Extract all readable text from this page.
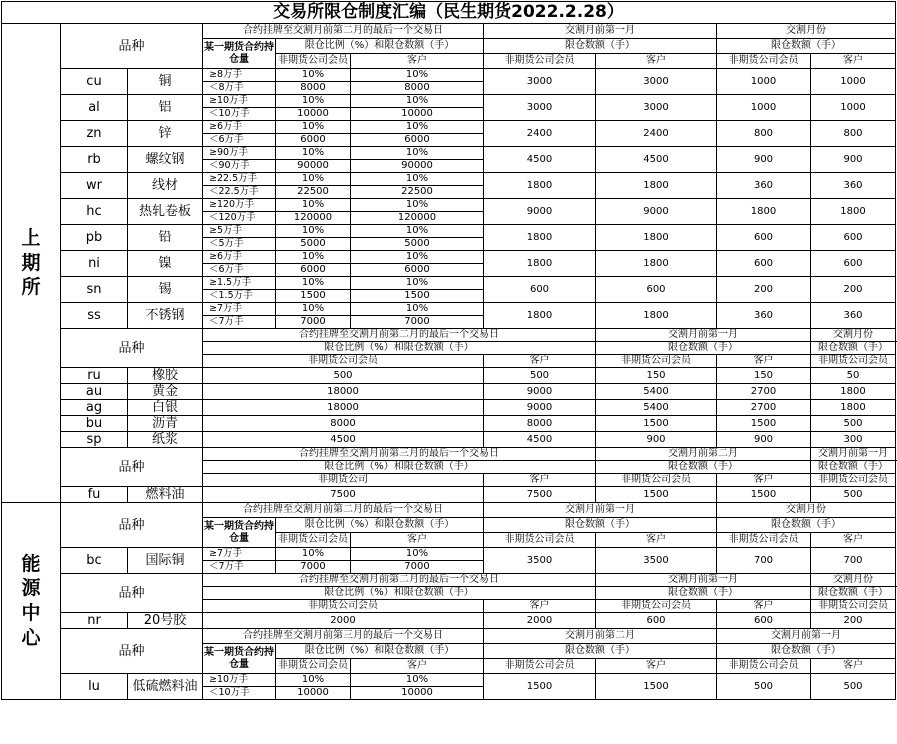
交易所限仓制度汇编（民生期货2022.2.28）										
上
期
所	品种		合约挂牌至交割月前第二月的最后一个交易日			交割月前第一月		交割月份		
			某一期货合约持仓量	限仓比例（%）和限仓数额（手）		限仓数额（手）		限仓数额（手）		
				非期货公司会员	客户	非期货公司会员	客户	非期货公司会员	客户	
	cu	铜	≥8万手	10%	10%	3000	3000	1000	1000	
			＜8万手	8000	8000					
	al	铝	≥10万手	10%	10%	3000	3000	1000	1000	
			＜10万手	10000	10000					
	zn	锌	≥6万手	10%	10%	2400	2400	800	800	
			＜6万手	6000	6000					
	rb	螺纹钢	≥90万手	10%	10%	4500	4500	900	900	
			＜90万手	90000	90000					
	wr	线材	≥22.5万手	10%	10%	1800	1800	360	360	
			＜22.5万手	22500	22500					
	hc	热轧卷板	≥120万手	10%	10%	9000	9000	1800	1800	
			＜120万手	120000	120000					
	pb	铅	≥5万手	10%	10%	1800	1800	600	600	
			＜5万手	5000	5000					
	ni	镍	≥6万手	10%	10%	1800	1800	600	600	
			＜6万手	6000	6000					
	sn	锡	≥1.5万手	10%	10%	600	600	200	200	
			＜1.5万手	1500	1500					
	ss	不锈钢	≥7万手	10%	10%	1800	1800	360	360	
			＜7万手	7000	7000					
	品种		合约挂牌至交割月前第二月的最后一个交易日				交割月前第一月		交割月份	
			限仓比例（%）和限仓数额（手）				限仓数额（手）		限仓数额（手）	
			非期货公司会员			客户	非期货公司会员	客户	非期货公司会员	
	ru	橡胶	500			500	150	150	50	
	au	黄金	18000			9000	5400	2700	1800	
	ag	白银	18000			9000	5400	2700	1800	
	bu	沥青	8000			8000	1500	1500	500	
	sp	纸浆	4500			4500	900	900	300	
	品种		合约挂牌至交割月前第三月的最后一个交易日				交割月前第二月		交割月前第一月	
			限仓比例（%）和限仓数额（手）				限仓数额（手）		限仓数额（手）	
			非期货公司			客户	非期货公司会员	客户	非期货公司会员	
	fu	燃料油	7500			7500	1500	1500	500	
能
源
中
心	品种		合约挂牌至交割月前第二月的最后一个交易日			交割月前第一月		交割月份		
			某一期货合约持仓量	限仓比例（%）和限仓数额（手）		限仓数额（手）		限仓数额（手）		
				非期货公司会员	客户	非期货公司会员	客户	非期货公司会员	客户	
	bc	国际铜	≥7万手	10%	10%	3500	3500	700	700	
			＜7万手	7000	7000					
	品种		合约挂牌至交割月前第二月的最后一个交易日				交割月前第一月		交割月份	
			限仓比例（%）和限仓数额（手）				限仓数额（手）		限仓数额（手）	
			非期货公司会员			客户	非期货公司会员	客户	非期货公司会员	
	nr	20号胶	2000			2000	600	600	200	
	品种		合约挂牌至交割月前第三月的最后一个交易日			交割月前第二月		交割月前第一月		
			某一期货合约持仓量	限仓比例（%）和限仓数额（手）		限仓数额（手）		限仓数额（手）		
				非期货公司会员	客户	非期货公司会员	客户	非期货公司会员	客户	
	lu	低硫燃料油	≥10万手	10%	10%	1500	1500	500	500	
			＜10万手	10000	10000					
